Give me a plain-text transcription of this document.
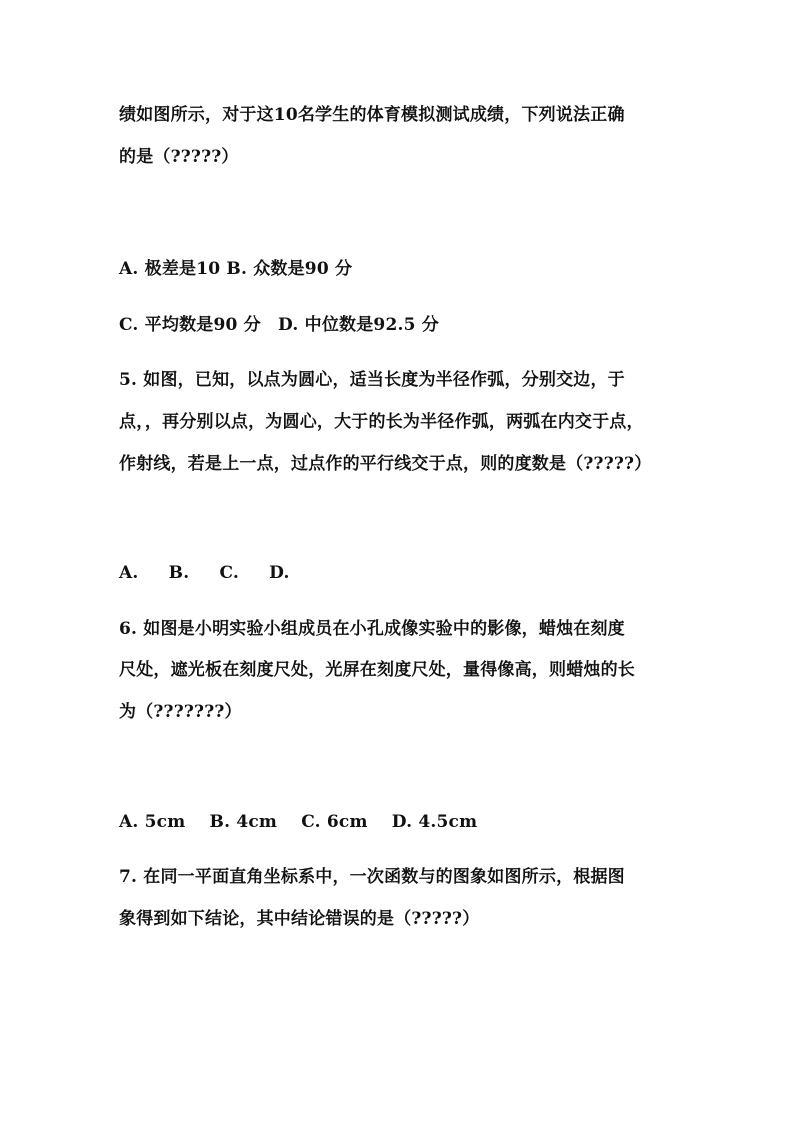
绩如图所示，对于这10名学生的体育模拟测试成绩，下列说法正确
的是（?????）
A. 极差是10 B. 众数是90 分
C. 平均数是90 分　D. 中位数是92.5 分
5. 如图，已知，以点为圆心，适当长度为半径作弧，分别交边，于
点，，再分别以点，为圆心，大于的长为半径作弧，两弧在内交于点，
作射线，若是上一点，过点作的平行线交于点，则的度数是（?????）
A. B. C. D.
6. 如图是小明实验小组成员在小孔成像实验中的影像，蜡烛在刻度
尺处，遮光板在刻度尺处，光屏在刻度尺处，量得像高，则蜡烛的长
为（???????）
A. 5cm B. 4cm C. 6cm D. 4.5cm
7. 在同一平面直角坐标系中，一次函数与的图象如图所示，根据图
象得到如下结论，其中结论错误的是（?????）
